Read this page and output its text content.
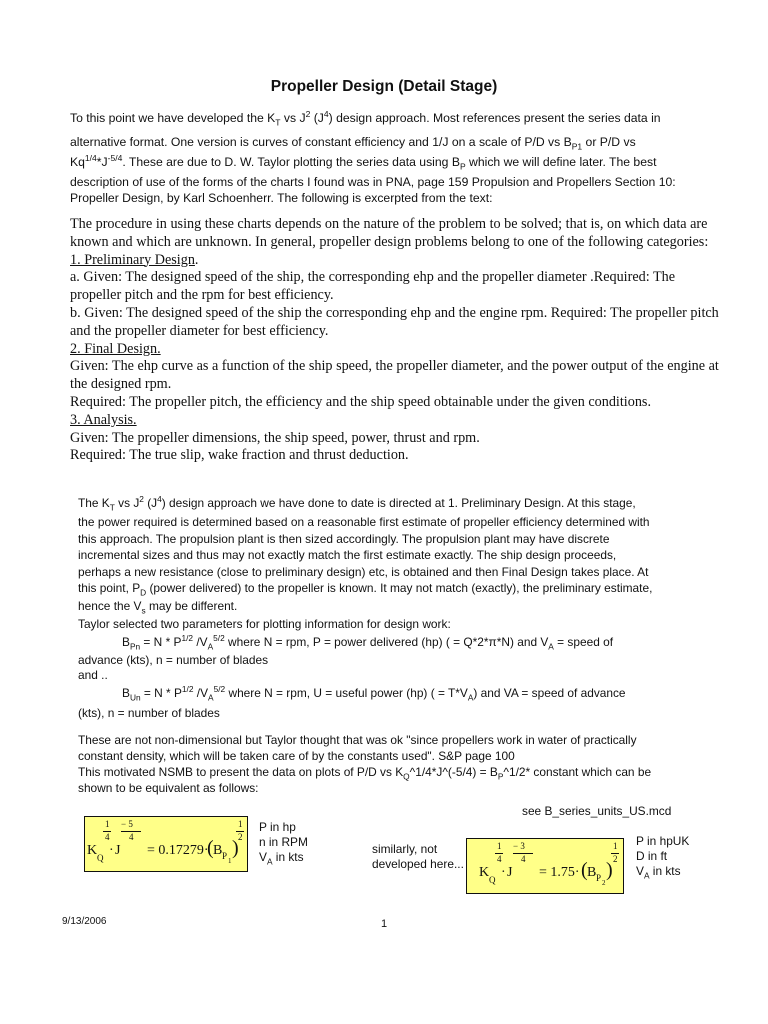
Propeller Design (Detail Stage)
To this point we have developed the $K_T$ vs $J^2$ $(J^4)$ design approach. Most references present the series data in
alternative format. One version is curves of constant efficiency and 1/J on a scale of P/D vs $B_{P1}$ or P/D vs
$Kq^{1/4}*J^{-5/4}$. These are due to D. W. Taylor plotting the series data using $B_P$ which we will define later. The best
description of use of the forms of the charts I found was in PNA, page 159 Propulsion and Propellers Section 10:
Propeller Design, by Karl Schoenherr. The following is excerpted from the text:
The procedure in using these charts depends on the nature of the problem to be solved; that is, on which data are known and which are unknown. In general, propeller design problems belong to one of the following categories:
1. Preliminary Design.
a. Given: The designed speed of the ship, the corresponding ehp and the propeller diameter .Required: The propeller pitch and the rpm for best efficiency.
b. Given: The designed speed of the ship the corresponding ehp and the engine rpm. Required: The propeller pitch and the propeller diameter for best efficiency.
2. Final Design.
Given: The ehp curve as a function of the ship speed, the propeller diameter, and the power output of the engine at the designed rpm.
Required: The propeller pitch, the efficiency and the ship speed obtainable under the given conditions.
3. Analysis.
Given: The propeller dimensions, the ship speed, power, thrust and rpm.
Required: The true slip, wake fraction and thrust deduction.
The $K_T$ vs $J^2$ $(J^4)$ design approach we have done to date is directed at 1. Preliminary Design. At this stage,
the power required is determined based on a reasonable first estimate of propeller efficiency determined with
this approach. The propulsion plant is then sized accordingly. The propulsion plant may have discrete
incremental sizes and thus may not exactly match the first estimate exactly. The ship design proceeds,
perhaps a new resistance (close to preliminary design) etc, is obtained and then Final Design takes place. At
this point, $P_D$ (power delivered) to the propeller is known. It may not match (exactly), the preliminary estimate,
hence the $V_s$ may be different.
Taylor selected two parameters for plotting information for design work:
$B_{Pn} = N * P^{1/2}$ $/V_A^{5/2}$ where N = rpm, P = power delivered (hp) ( = Q*2*π*N) and $V_A$ = speed of
advance (kts), n = number of blades
and ..
$B_{Un} = N * P^{1/2}$ $/V_A^{5/2}$ where N = rpm, U = useful power (hp) ( = $T*V_A$) and VA = speed of advance
(kts), n = number of blades
These are not non-dimensional but Taylor thought that was ok "since propellers work in water of practically
constant density, which will be taken care of by the constants used". S&P page 100
This motivated NSMB to present the data on plots of P/D vs $K_Q\^{}1/4*J\^{}(-5/4)$ = $B_P\^{}1/2*$ constant which can be
shown to be equivalent as follows:
see B_series_units_US.mcd
K Q
1
4
· J
− 5
4
= 0.17279·
( B P 1
)
1
2
P in hp
n in RPM
$V_A$ in kts
similarly, not
developed here...
K Q
1
4
· J
− 3
4
= 1.75· ( B P 2
)
1
2
P in hpUK
D in ft
$V_A$ in kts
9/13/2006	1
